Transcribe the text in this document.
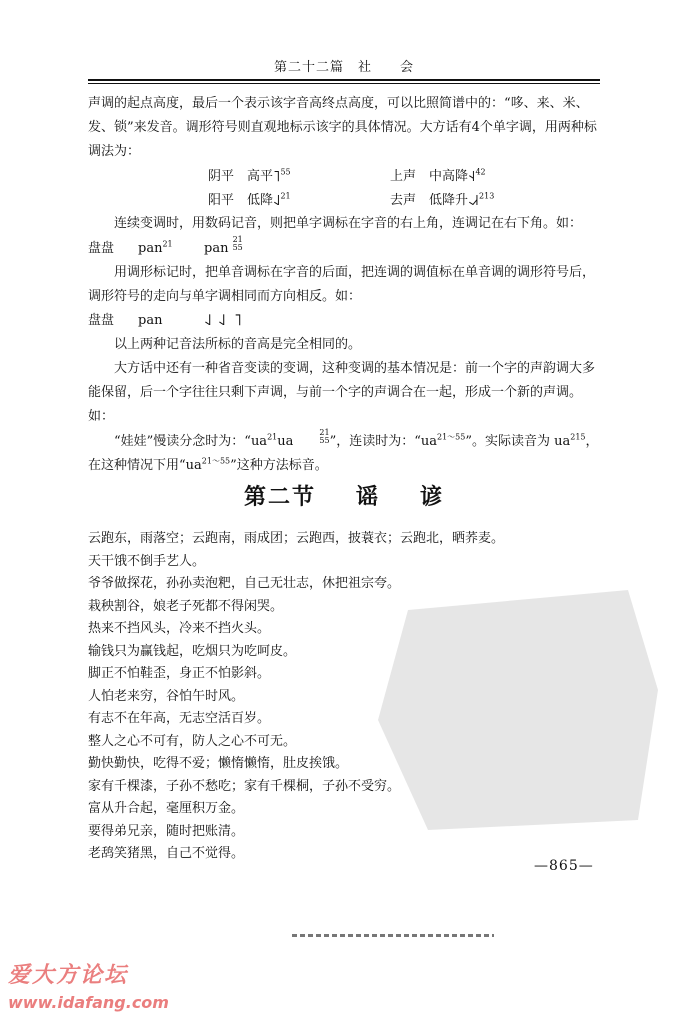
第二十二篇　社　　会

声调的起点高度，最后一个表示该字音高终点高度，可以比照简谱中的：“哆、来、米、发、锁”来发音。调形符号则直观地标示该字的具体情况。大方话有4个单字调，用两种标调法为：

阴平　 高平˥$^{55}$	上声　 中高降˧˨$^{42}$
阳平　 低降˨˩$^{21}$	去声　 低降升˨˩˧$^{213}$

连续变调时，用数码记音，则把单字调标在字音的右上角，连调记在右下角。如：

盘盘 pan$^{21}$ pan
21
55

用调形标记时，把单音调标在字音的后面，把连调的调值标在单音调的调形符号后，调形符号的走向与单字调相同而方向相反。如：

盘盘 pan	˨˩ ˨˩ ˥

以上两种记音法所标的音高是完全相同的。

大方话中还有一种省音变读的变调，这种变调的基本情况是：前一个字的声韵调大多能保留，后一个字往往只剩下声调，与前一个字的声调合在一起，形成一个新的声调。如：

“娃娃”慢读分念时为：“$ua^{21}ua$
21
55 ”，连读时为：“$ua^{21\sim 55}$”。实际读音为 $ua^{215}$，在这种情况下用“$ua^{21\sim 55}$”这种方法标音。

第二节 谣 谚
云跑东，雨落空；云跑南，雨成团；云跑西，披蓑衣；云跑北，晒荞麦。
天干饿不倒手艺人。
爷爷做探花，孙孙卖泡粑，自己无壮志，休把祖宗夸。
栽秧割谷，娘老子死都不得闲哭。
热来不挡风头，冷来不挡火头。
输钱只为赢钱起，吃烟只为吃呵皮。
脚正不怕鞋歪，身正不怕影斜。
人怕老来穷，谷怕午时风。
有志不在年高，无志空活百岁。
整人之心不可有，防人之心不可无。
勤快勤快，吃得不爱；懒惰懒惰，肚皮挨饿。
家有千棵漆，子孙不愁吃；家有千棵桐，子孙不受穷。
富从升合起，毫厘积万金。
要得弟兄亲，随时把账清。
老鸹笑猪黑，自己不觉得。
—865—
爱大方论坛
www.idafang.com
